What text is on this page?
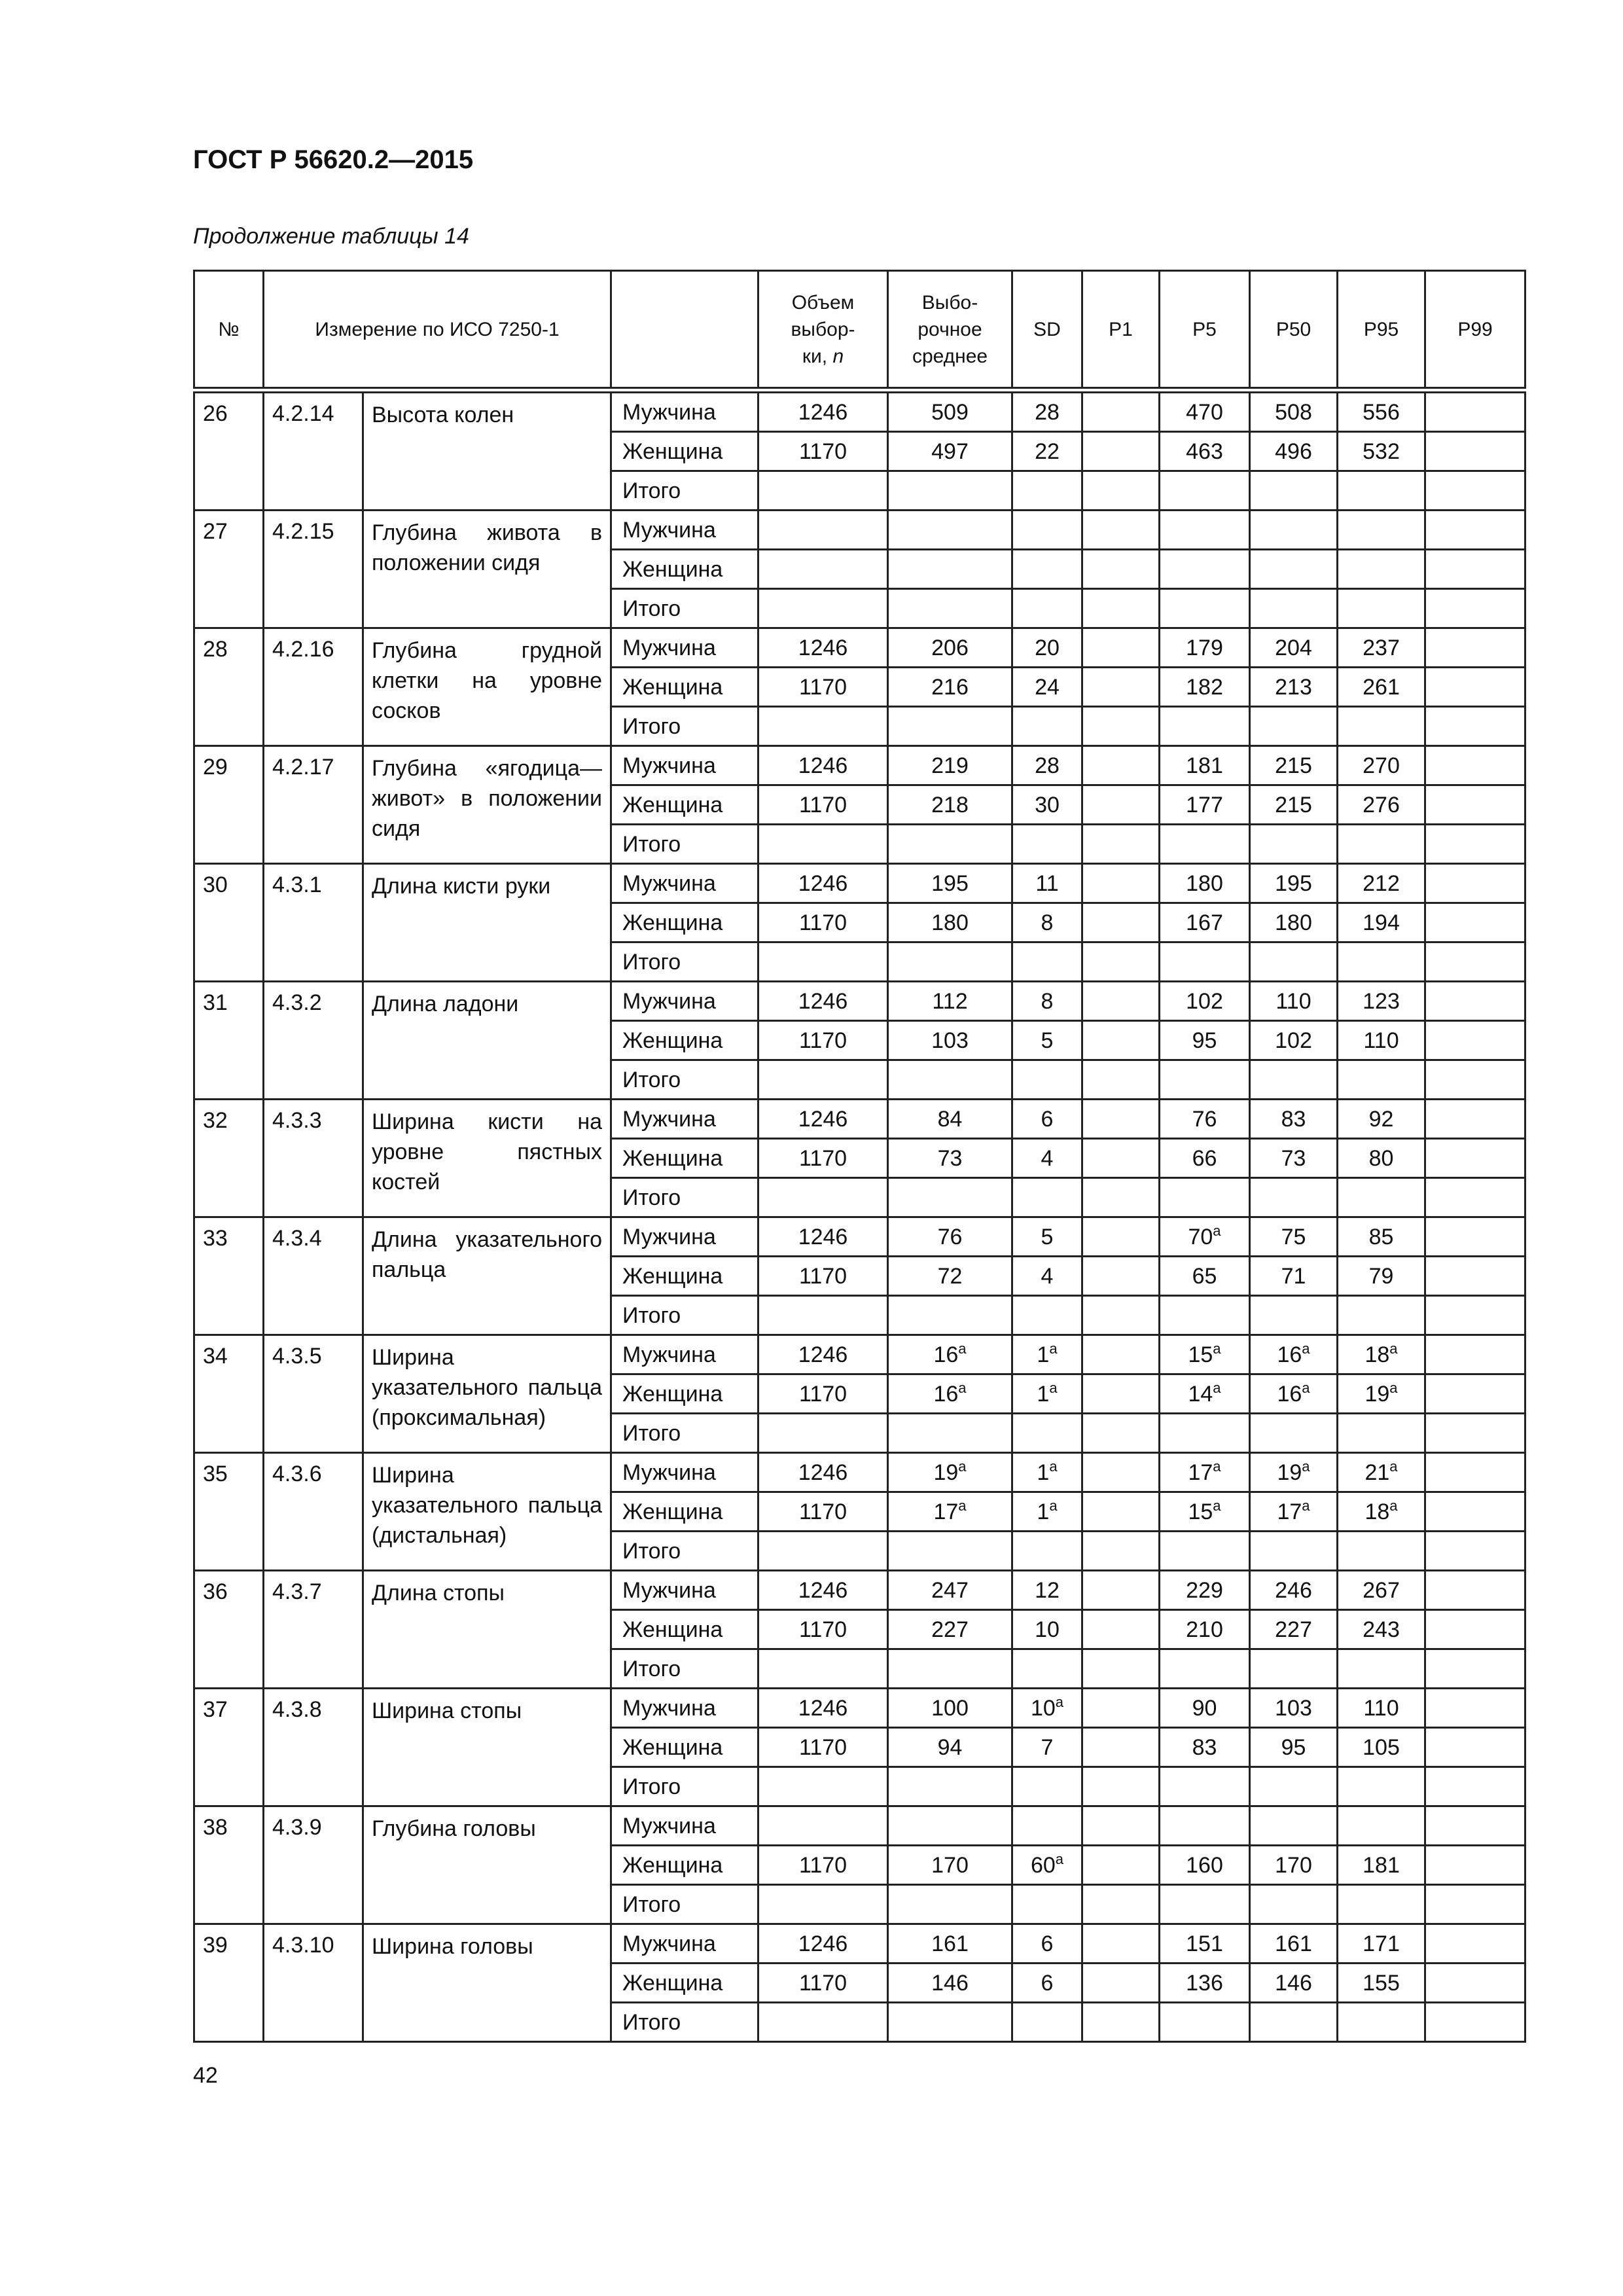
ГОСТ Р 56620.2—2015

Продолжение таблицы 14

№	Измерение по ИСО 7250-1			Объем
выбор-
ки, n	Выбо-
рочное
среднее	SD	P1	P5	P50	P95	P99
26	4.2.14	Высота колен	Мужчина	1246	509	28		470	508	556	
			Женщина	1170	497	22		463	496	532	
			Итого								
27	4.2.15	Глубина живота в положении сидя	Мужчина								
			Женщина								
			Итого								
28	4.2.16	Глубина грудной клетки на уровне сосков	Мужчина	1246	206	20		179	204	237	
			Женщина	1170	216	24		182	213	261	
			Итого								
29	4.2.17	Глубина «ягодица—живот» в положении сидя	Мужчина	1246	219	28		181	215	270	
			Женщина	1170	218	30		177	215	276	
			Итого								
30	4.3.1	Длина кисти руки	Мужчина	1246	195	11		180	195	212	
			Женщина	1170	180	8		167	180	194	
			Итого								
31	4.3.2	Длина ладони	Мужчина	1246	112	8		102	110	123	
			Женщина	1170	103	5		95	102	110	
			Итого								
32	4.3.3	Ширина кисти на уровне пястных костей	Мужчина	1246	84	6		76	83	92	
			Женщина	1170	73	4		66	73	80	
			Итого								
33	4.3.4	Длина указательного пальца	Мужчина	1246	76	5		70$^a$	75	85	
			Женщина	1170	72	4		65	71	79	
			Итого								
34	4.3.5	Ширина указательного пальца (проксимальная)	Мужчина	1246	16$^a$	1$^a$		15$^a$	16$^a$	18$^a$	
			Женщина	1170	16$^a$	1$^a$		14$^a$	16$^a$	19$^a$	
			Итого								
35	4.3.6	Ширина указательного пальца (дистальная)	Мужчина	1246	19$^a$	1$^a$		17$^a$	19$^a$	21$^a$	
			Женщина	1170	17$^a$	1$^a$		15$^a$	17$^a$	18$^a$	
			Итого								
36	4.3.7	Длина стопы	Мужчина	1246	247	12		229	246	267	
			Женщина	1170	227	10		210	227	243	
			Итого								
37	4.3.8	Ширина стопы	Мужчина	1246	100	10$^a$		90	103	110	
			Женщина	1170	94	7		83	95	105	
			Итого								
38	4.3.9	Глубина головы	Мужчина								
			Женщина	1170	170	60$^a$		160	170	181	
			Итого								
39	4.3.10	Ширина головы	Мужчина	1246	161	6		151	161	171	
			Женщина	1170	146	6		136	146	155	
			Итого								

42
